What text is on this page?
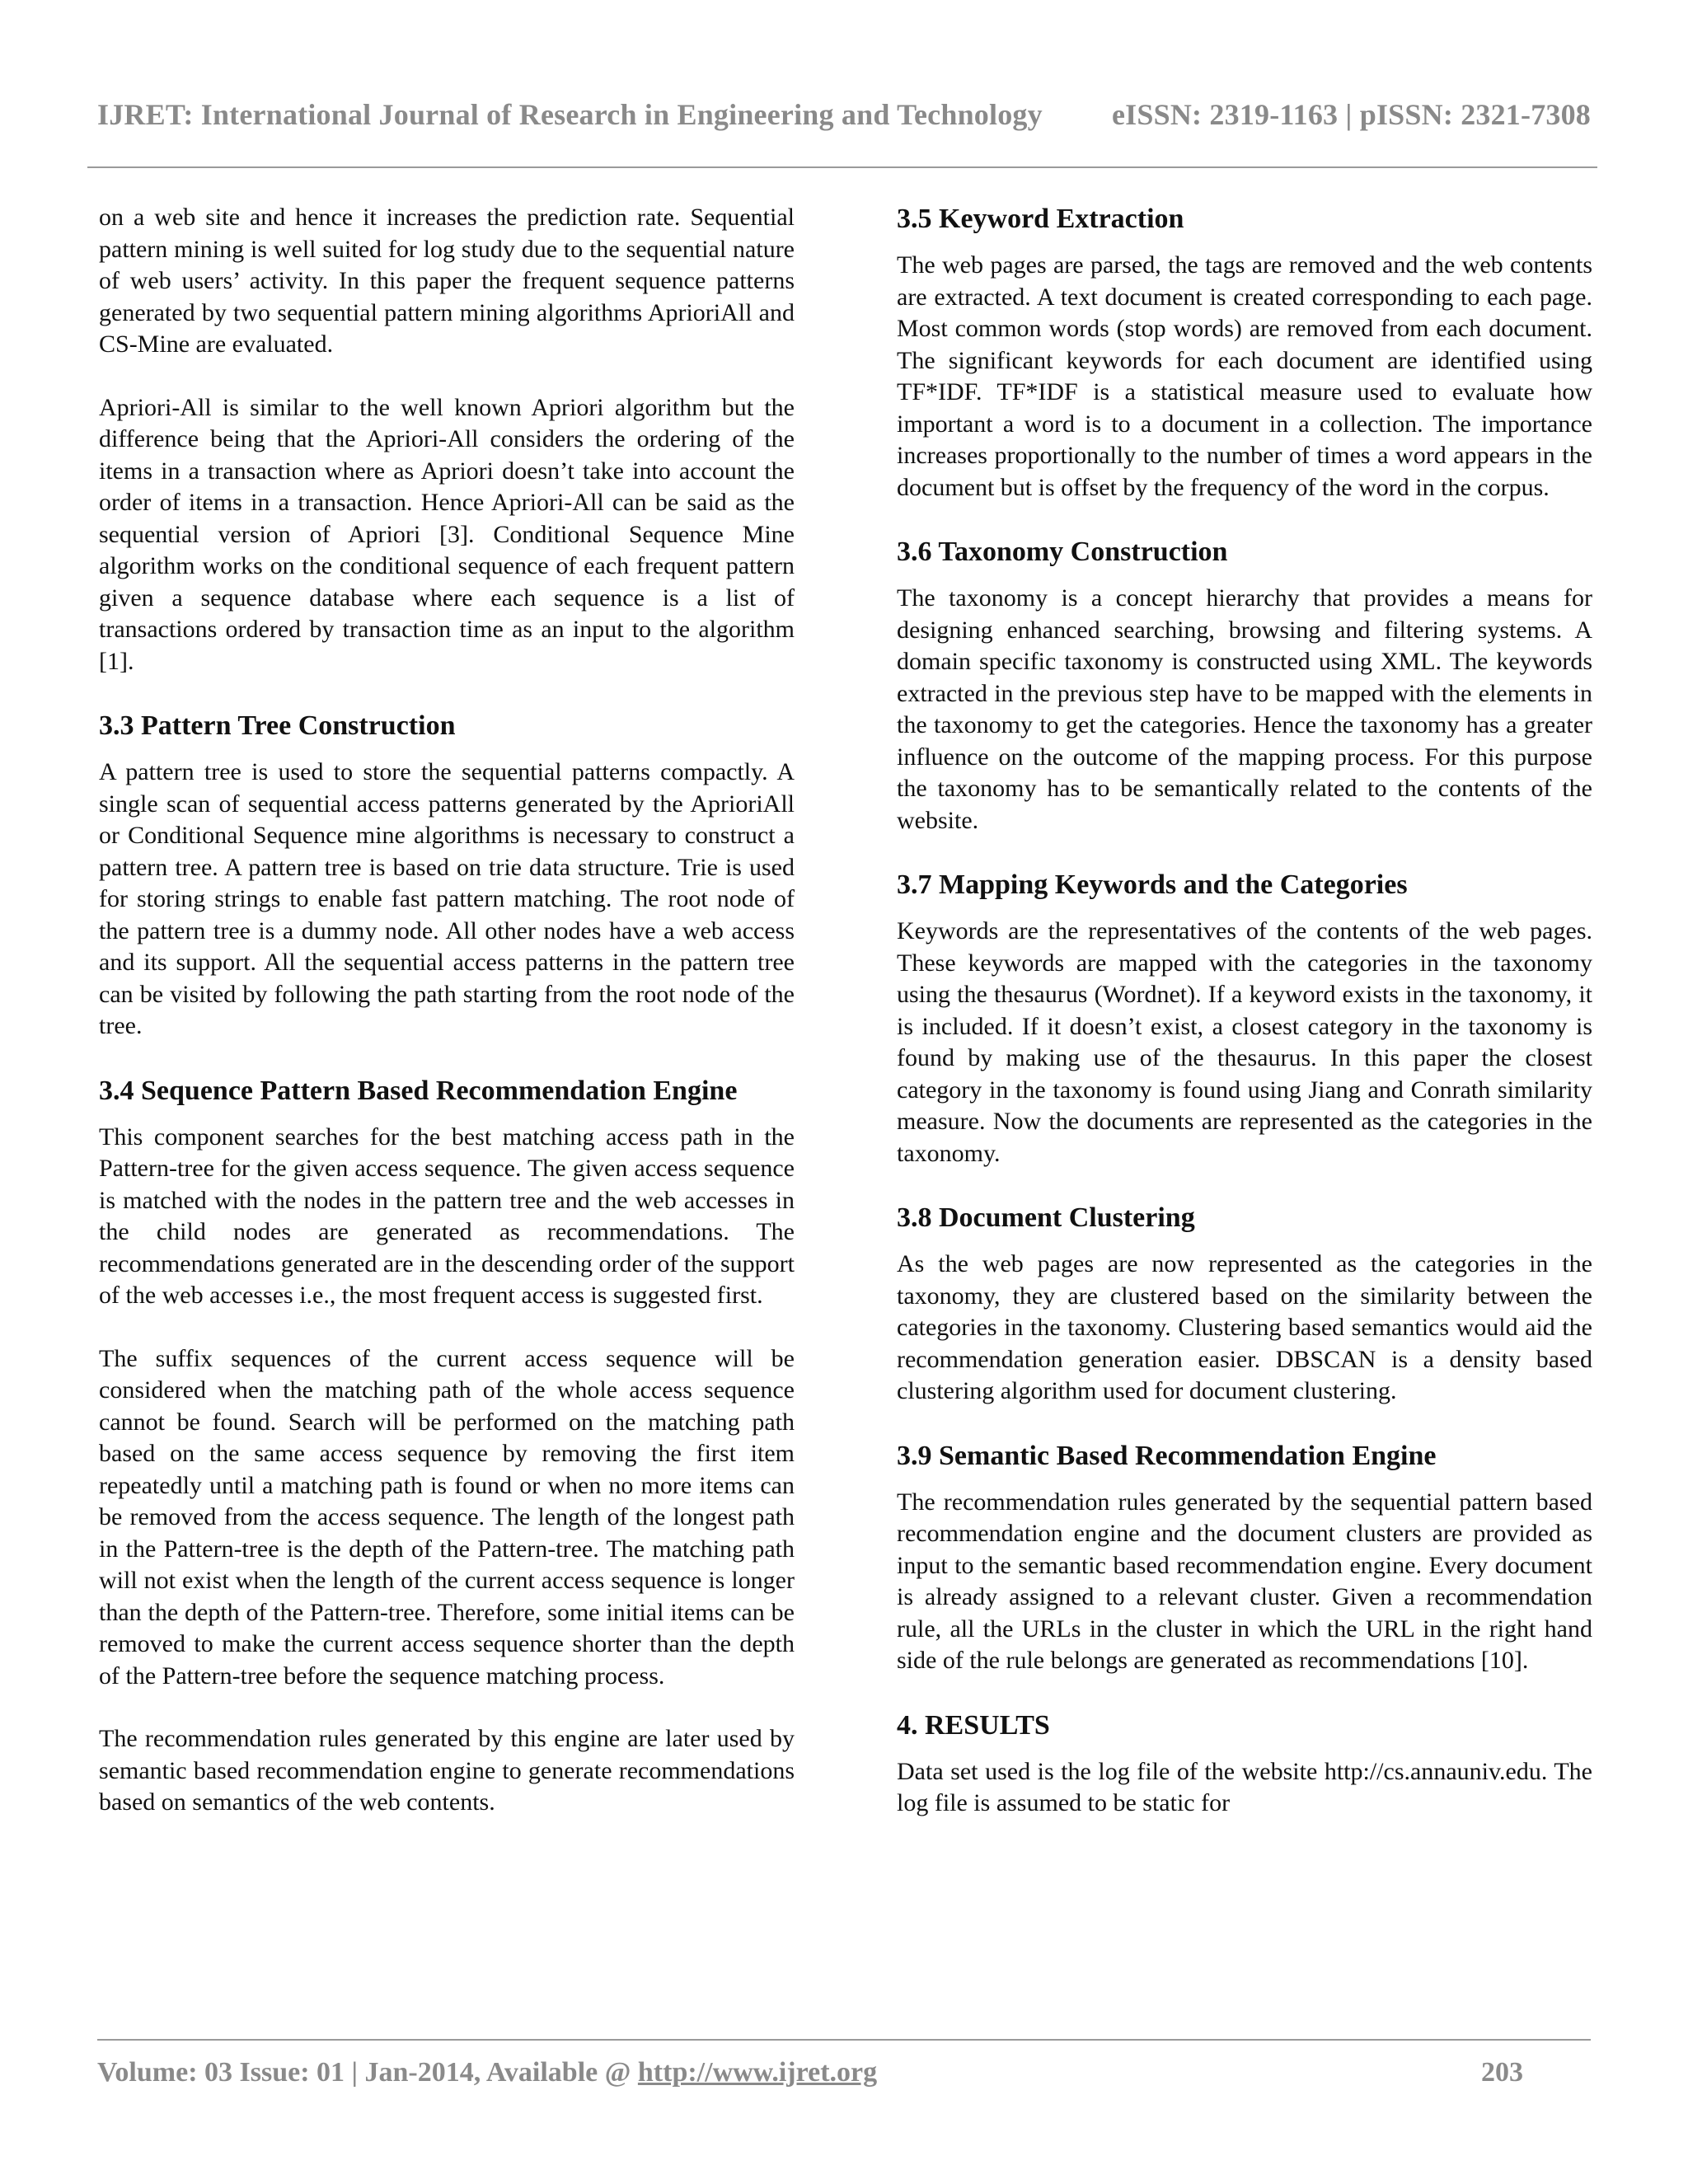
IJRET: International Journal of Research in Engineering and Technology eISSN: 2319-1163 | pISSN: 2321-7308

on a web site and hence it increases the prediction rate. Sequential pattern mining is well suited for log study due to the sequential nature of web users’ activity. In this paper the frequent sequence patterns generated by two sequential pattern mining algorithms AprioriAll and CS-Mine are evaluated.

Apriori-All is similar to the well known Apriori algorithm but the difference being that the Apriori-All considers the ordering of the items in a transaction where as Apriori doesn’t take into account the order of items in a transaction. Hence Apriori-All can be said as the sequential version of Apriori [3]. Conditional Sequence Mine algorithm works on the conditional sequence of each frequent pattern given a sequence database where each sequence is a list of transactions ordered by transaction time as an input to the algorithm [1].

3.3 Pattern Tree Construction

A pattern tree is used to store the sequential patterns compactly. A single scan of sequential access patterns generated by the AprioriAll or Conditional Sequence mine algorithms is necessary to construct a pattern tree. A pattern tree is based on trie data structure. Trie is used for storing strings to enable fast pattern matching. The root node of the pattern tree is a dummy node. All other nodes have a web access and its support. All the sequential access patterns in the pattern tree can be visited by following the path starting from the root node of the tree.

3.4 Sequence Pattern Based Recommendation Engine

This component searches for the best matching access path in the Pattern-tree for the given access sequence. The given access sequence is matched with the nodes in the pattern tree and the web accesses in the child nodes are generated as recommendations. The recommendations generated are in the descending order of the support of the web accesses i.e., the most frequent access is suggested first.

The suffix sequences of the current access sequence will be considered when the matching path of the whole access sequence cannot be found. Search will be performed on the matching path based on the same access sequence by removing the first item repeatedly until a matching path is found or when no more items can be removed from the access sequence. The length of the longest path in the Pattern-tree is the depth of the Pattern-tree. The matching path will not exist when the length of the current access sequence is longer than the depth of the Pattern-tree. Therefore, some initial items can be removed to make the current access sequence shorter than the depth of the Pattern-tree before the sequence matching process.

The recommendation rules generated by this engine are later used by semantic based recommendation engine to generate recommendations based on semantics of the web contents.

3.5 Keyword Extraction

The web pages are parsed, the tags are removed and the web contents are extracted. A text document is created corresponding to each page. Most common words (stop words) are removed from each document. The significant keywords for each document are identified using TF*IDF. TF*IDF is a statistical measure used to evaluate how important a word is to a document in a collection. The importance increases proportionally to the number of times a word appears in the document but is offset by the frequency of the word in the corpus.

3.6 Taxonomy Construction

The taxonomy is a concept hierarchy that provides a means for designing enhanced searching, browsing and filtering systems. A domain specific taxonomy is constructed using XML. The keywords extracted in the previous step have to be mapped with the elements in the taxonomy to get the categories. Hence the taxonomy has a greater influence on the outcome of the mapping process. For this purpose the taxonomy has to be semantically related to the contents of the website.

3.7 Mapping Keywords and the Categories

Keywords are the representatives of the contents of the web pages. These keywords are mapped with the categories in the taxonomy using the thesaurus (Wordnet). If a keyword exists in the taxonomy, it is included. If it doesn’t exist, a closest category in the taxonomy is found by making use of the thesaurus. In this paper the closest category in the taxonomy is found using Jiang and Conrath similarity measure. Now the documents are represented as the categories in the taxonomy.

3.8 Document Clustering

As the web pages are now represented as the categories in the taxonomy, they are clustered based on the similarity between the categories in the taxonomy. Clustering based semantics would aid the recommendation generation easier. DBSCAN is a density based clustering algorithm used for document clustering.

3.9 Semantic Based Recommendation Engine

The recommendation rules generated by the sequential pattern based recommendation engine and the document clusters are provided as input to the semantic based recommendation engine. Every document is already assigned to a relevant cluster. Given a recommendation rule, all the URLs in the cluster in which the URL in the right hand side of the rule belongs are generated as recommendations [10].

4. RESULTS

Data set used is the log file of the website http://cs.annauniv.edu. The log file is assumed to be static for

Volume: 03 Issue: 01 | Jan-2014, Available @ http://www.ijret.org	203
